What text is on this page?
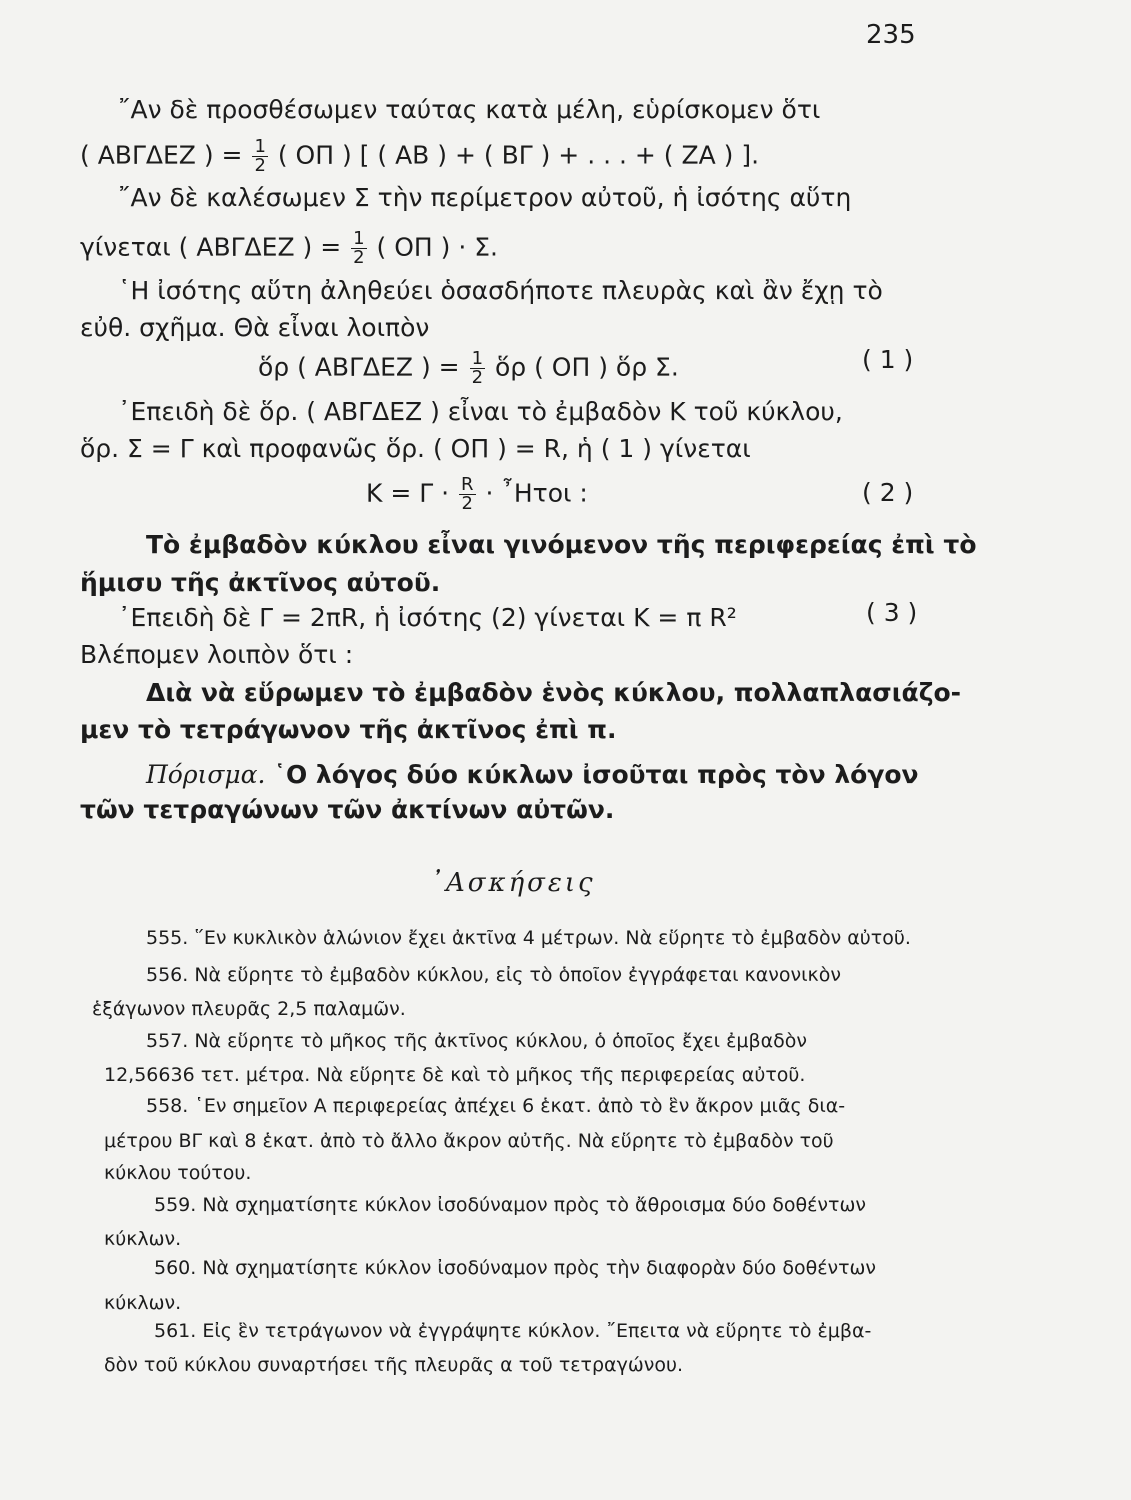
235
῎Αν δὲ προσθέσωμεν ταύτας κατὰ μέλη, εὑρίσκομεν ὅτι
( ΑΒΓΔΕΖ ) = $\frac{1}{2}$ ( ΟΠ ) [ ( ΑΒ ) + ( ΒΓ ) + . . . + ( ΖΑ ) ].
῎Αν δὲ καλέσωμεν Σ τὴν περίμετρον αὐτοῦ, ἡ ἰσότης αὕτη
γίνεται ( ΑΒΓΔΕΖ ) = $\frac{1}{2}$ ( ΟΠ ) · Σ.
῾Η ἰσότης αὕτη ἀληθεύει ὁσασδήποτε πλευρὰς καὶ ἂν ἔχῃ τὸ
εὐθ. σχῆμα. Θὰ εἶναι λοιπὸν
ὅρ ( ΑΒΓΔΕΖ ) = $\frac{1}{2}$ ὅρ ( ΟΠ ) ὅρ Σ.	( 1 )
᾿Επειδὴ δὲ ὅρ. ( ΑΒΓΔΕΖ ) εἶναι τὸ ἐμβαδὸν Κ τοῦ κύκλου,
ὅρ. Σ = Γ καὶ προφανῶς ὅρ. ( ΟΠ ) = R, ἡ ( 1 ) γίνεται
$K = \Gamma \cdot \frac{R}{2}$ · ῏Ητοι :	( 2 )
Τὸ ἐμβαδὸν κύκλου εἶναι γινόμενον τῆς περιφερείας ἐπὶ τὸ
ἥμισυ τῆς ἀκτῖνος αὐτοῦ.
᾿Επειδὴ δὲ Γ = 2πR, ἡ ἰσότης (2) γίνεται Κ = π R²	( 3 )
Βλέπομεν λοιπὸν ὅτι :
Διὰ νὰ εὕρωμεν τὸ ἐμβαδὸν ἑνὸς κύκλου, πολλαπλασιάζο-
μεν τὸ τετράγωνον τῆς ἀκτῖνος ἐπὶ π.
Πόρισμα. ῾Ο λόγος δύο κύκλων ἰσοῦται πρὸς τὸν λόγον
τῶν τετραγώνων τῶν ἀκτίνων αὐτῶν.
᾿Ασκήσεις
555. ῞Εν κυκλικὸν ἁλώνιον ἔχει ἀκτῖνα 4 μέτρων. Νὰ εὕρητε τὸ ἐμβαδὸν αὐτοῦ.
556. Νὰ εὕρητε τὸ ἐμβαδὸν κύκλου, εἰς τὸ ὁποῖον ἐγγράφεται κανονικὸν
ἑξάγωνον πλευρᾶς 2,5 παλαμῶν.
557. Νὰ εὕρητε τὸ μῆκος τῆς ἀκτῖνος κύκλου, ὁ ὁποῖος ἔχει ἐμβαδὸν
12,56636 τετ. μέτρα. Νὰ εὕρητε δὲ καὶ τὸ μῆκος τῆς περιφερείας αὐτοῦ.
558. ῾Εν σημεῖον Α περιφερείας ἀπέχει 6 ἑκατ. ἀπὸ τὸ ἓν ἄκρον μιᾶς δια-
μέτρου ΒΓ καὶ 8 ἑκατ. ἀπὸ τὸ ἄλλο ἄκρον αὐτῆς. Νὰ εὕρητε τὸ ἐμβαδὸν τοῦ
κύκλου τούτου.
559. Νὰ σχηματίσητε κύκλον ἰσοδύναμον πρὸς τὸ ἄθροισμα δύο δοθέντων
κύκλων.
560. Νὰ σχηματίσητε κύκλον ἰσοδύναμον πρὸς τὴν διαφορὰν δύο δοθέντων
κύκλων.
561. Εἰς ἓν τετράγωνον νὰ ἐγγράψητε κύκλον. ῎Επειτα νὰ εὕρητε τὸ ἐμβα-
δὸν τοῦ κύκλου συναρτήσει τῆς πλευρᾶς α τοῦ τετραγώνου.
